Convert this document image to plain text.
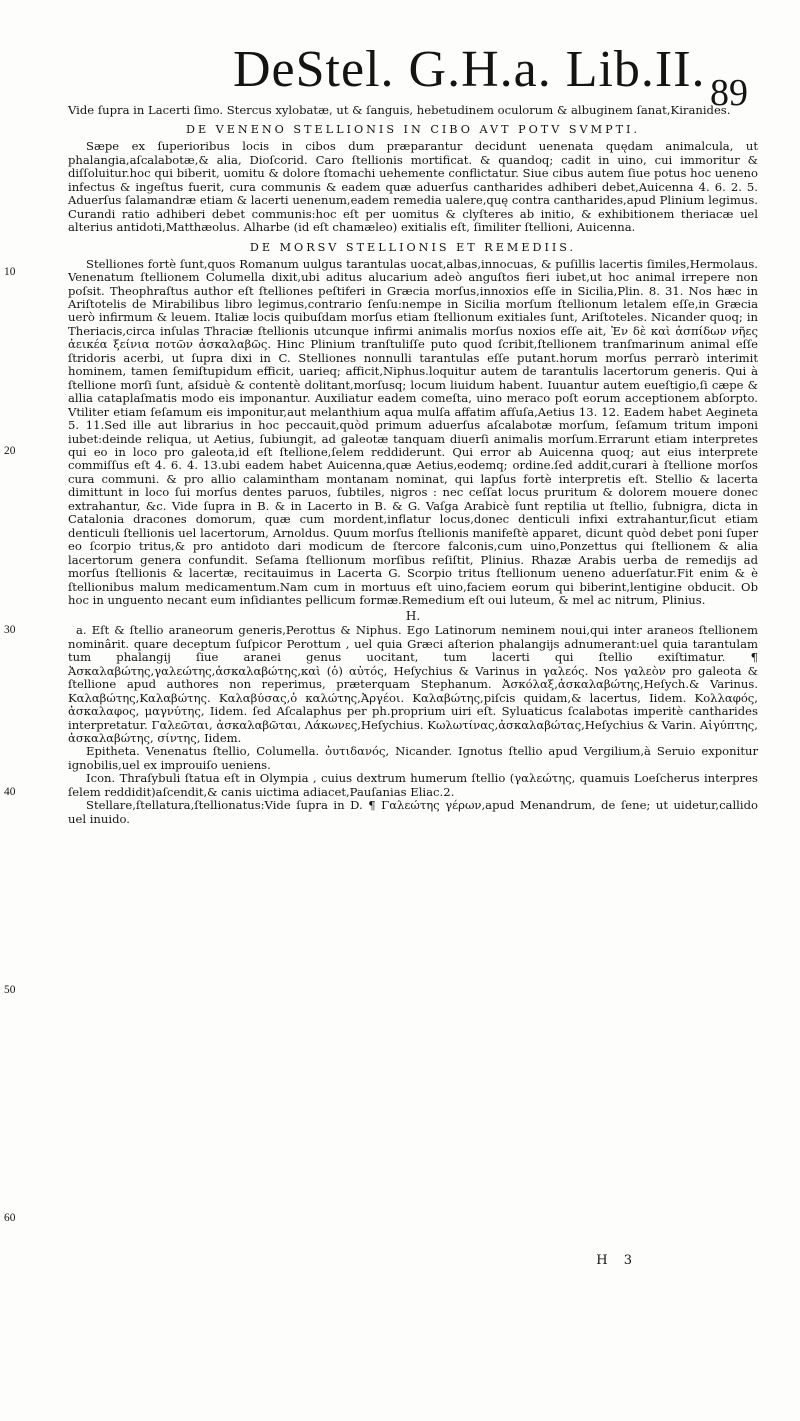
DeStel. G.H.a. Lib.II. 89
10
20
30
40
50
60

Vide ſupra in Lacerti ſimo. Stercus xylobatæ, ut & ſanguis, hebetudinem oculorum & albuginem ſanat,Kiranides.

DE VENENO STELLIONIS IN CIBO AVT POTV SVMPTI.

Sæpe ex ſuperioribus locis in cibos dum præparantur decidunt uenenata quędam animalcula, ut phalangia,aſcalabotæ,& alia, Dioſcorid. Caro ſtellionis mortificat. & quandoq; cadit in uino, cui immoritur & diſſoluitur.hoc qui biberit, uomitu & dolore ſtomachi uehemente conflictatur. Siue cibus autem ſiue potus hoc ueneno infectus & ingeſtus fuerit, cura communis & eadem quæ aduerſus cantharides adhiberi debet,Auicenna 4. 6. 2. 5. Aduerſus ſalamandræ etiam & lacerti uenenum,eadem remedia ualere,quę contra cantharides,apud Plinium legimus. Curandi ratio adhiberi debet communis:hoc eſt per uomitus & clyſteres ab initio, & exhibitionem theriacæ uel alterius antidoti,Matthæolus. Alharbe (id eſt chamæleo) exitialis eſt, ſimiliter ſtellioni, Auicenna.

DE MORSV STELLIONIS ET REMEDIIS.

Stelliones fortè ſunt,quos Romanum uulgus tarantulas uocat,albas,innocuas, & puſillis lacertis ſimiles,Hermolaus. Venenatum ſtellionem Columella dixit,ubi aditus alucarium adeò anguſtos fieri iubet,ut hoc animal irrepere non poſsit. Theophraſtus author eſt ſtelliones peſtiferi in Græcia morſus,innoxios eſſe in Sicilia,Plin. 8. 31. Nos hæc in Ariſtotelis de Mirabilibus libro legimus,contrario ſenſu:nempe in Sicilia morſum ſtellionum letalem eſſe,in Græcia uerò infirmum & leuem. Italiæ locis quibuſdam morſus etiam ſtellionum exitiales ſunt, Ariſtoteles. Nicander quoq; in Theriacis,circa inſulas Thraciæ ſtellionis utcunque infirmi animalis morſus noxios eſſe ait, Ἐν δὲ καὶ ἀσπίδων νῆες ἀεικέα ξείνια ποτῶν ἀσκαλαβῶς. Hinc Plinium tranſtuliſſe puto quod ſcribit,ſtellionem tranſmarinum animal eſſe ſtridoris acerbi, ut ſupra dixi in C. Stelliones nonnulli tarantulas eſſe putant.horum morſus perrarò interimit hominem, tamen ſemiſtupidum efficit, uarieq; afficit,Niphus.loquitur autem de tarantulis lacertorum generis. Qui à ſtellione morſi ſunt, aſsiduè & contentè dolitant,morſusq; locum liuidum habent. Iuuantur autem eueſtigio,ſi cæpe & allia cataplaſmatis modo eis imponantur. Auxiliatur eadem comeſta, uino meraco poſt eorum acceptionem abſorpto. Vtiliter etiam ſeſamum eis imponitur,aut melanthium aqua mulſa affatim afſuſa,Aetius 13. 12. Eadem habet Aegineta 5. 11.Sed ille aut librarius in hoc peccauit,quòd primum aduerſus aſcalabotæ morſum, ſeſamum tritum imponi iubet:deinde reliqua, ut Aetius, ſubiungit, ad galeotæ tanquam diuerſi animalis morſum.Errarunt etiam interpretes qui eo in loco pro galeota,id eſt ſtellione,ſelem reddiderunt. Qui error ab Auicenna quoq; aut eius interprete commiſſus eſt 4. 6. 4. 13.ubi eadem habet Auicenna,quæ Aetius,eodemq; ordine.ſed addit,curari à ſtellione morſos cura communi. & pro allio calamintham montanam nominat, qui lapſus fortè interpretis eſt. Stellio & lacerta dimittunt in loco ſui morſus dentes paruos, ſubtiles, nigros : nec ceſſat locus pruritum & dolorem mouere donec extrahantur, &c. Vide ſupra in B. & in Lacerto in B. & G. Vaſga Arabicè ſunt reptilia ut ſtellio, ſubnigra, dicta in Catalonia dracones domorum, quæ cum mordent,inflatur locus,donec denticuli infixi extrahantur,ſicut etiam denticuli ſtellionis uel lacertorum, Arnoldus. Quum morſus ſtellionis manifeſtè apparet, dicunt quòd debet poni ſuper eo ſcorpio tritus,& pro antidoto dari modicum de ſtercore falconis,cum uino,Ponzettus qui ſtellionem & alia lacertorum genera confundit. Seſama ſtellionum morſibus reſiſtit, Plinius. Rhazæ Arabis uerba de remedijs ad morſus ſtellionis & lacertæ, recitauimus in Lacerta G. Scorpio tritus ſtellionum ueneno aduerſatur.Fit enim & è ſtellionibus malum medicamentum.Nam cum in mortuus eſt uino,faciem eorum qui biberint,lentigine obducit. Ob hoc in unguento necant eum inſidiantes pellicum formæ.Remedium eſt oui luteum, & mel ac nitrum, Plinius.

H.

a. Eſt & ſtellio araneorum generis,Perottus & Niphus. Ego Latinorum neminem noui,qui inter araneos ſtellionem nominârit. quare deceptum ſuſpicor Perottum , uel quia Græci aſterion phalangijs adnumerant:uel quia tarantulam tum phalangij ſiue aranei genus uocitant, tum lacerti qui ſtellio exiſtimatur. ¶ Ἀσκαλαβώτης,γαλεώτης,ἀσκαλαβώτης,καὶ (ὁ) αὐτός, Heſychius & Varinus in γαλεός. Nos γαλεὸν pro galeota & ſtellione apud authores non reperimus, præterquam Stephanum. Ἀσκόλαξ,ἀσκαλαβώτης,Heſych.& Varinus. Καλαβώτης,Καλαβώτης. Καλαβύσας,ὁ καλώτης,Ἀργέοι. Καλαβώτης,piſcis quidam,& lacertus, Iidem. Κολλαφός, ἀσκαλαφος, μαγνύτης, Iidem. ſed Aſcalaphus per ph.proprium uiri eſt. Syluaticus ſcalabotas imperitè cantharides interpretatur. Γαλεῶται, ἀσκαλαβῶται, Λάκωνες,Heſychius. Κωλωτίνας,ἀσκαλαβώτας,Heſychius & Varin. Αἰγύπτης, ἀσκαλαβώτης, σίντης, Iidem.

Epitheta. Venenatus ſtellio, Columella. ὀυτιδανός, Nicander. Ignotus ſtellio apud Vergilium,à Seruio exponitur ignobilis,uel ex improuiſo ueniens.

Icon. Thraſybuli ſtatua eſt in Olympia , cuius dextrum humerum ſtellio (γαλεώτης, quamuis Loeſcherus interpres ſelem reddidit)aſcendit,& canis uictima adiacet,Pauſanias Eliac.2.

Stellare,ſtellatura,ſtellionatus:Vide ſupra in D. ¶ Γαλεώτης γέρων,apud Menandrum, de ſene; ut uidetur,callido uel inuido.

H 3
